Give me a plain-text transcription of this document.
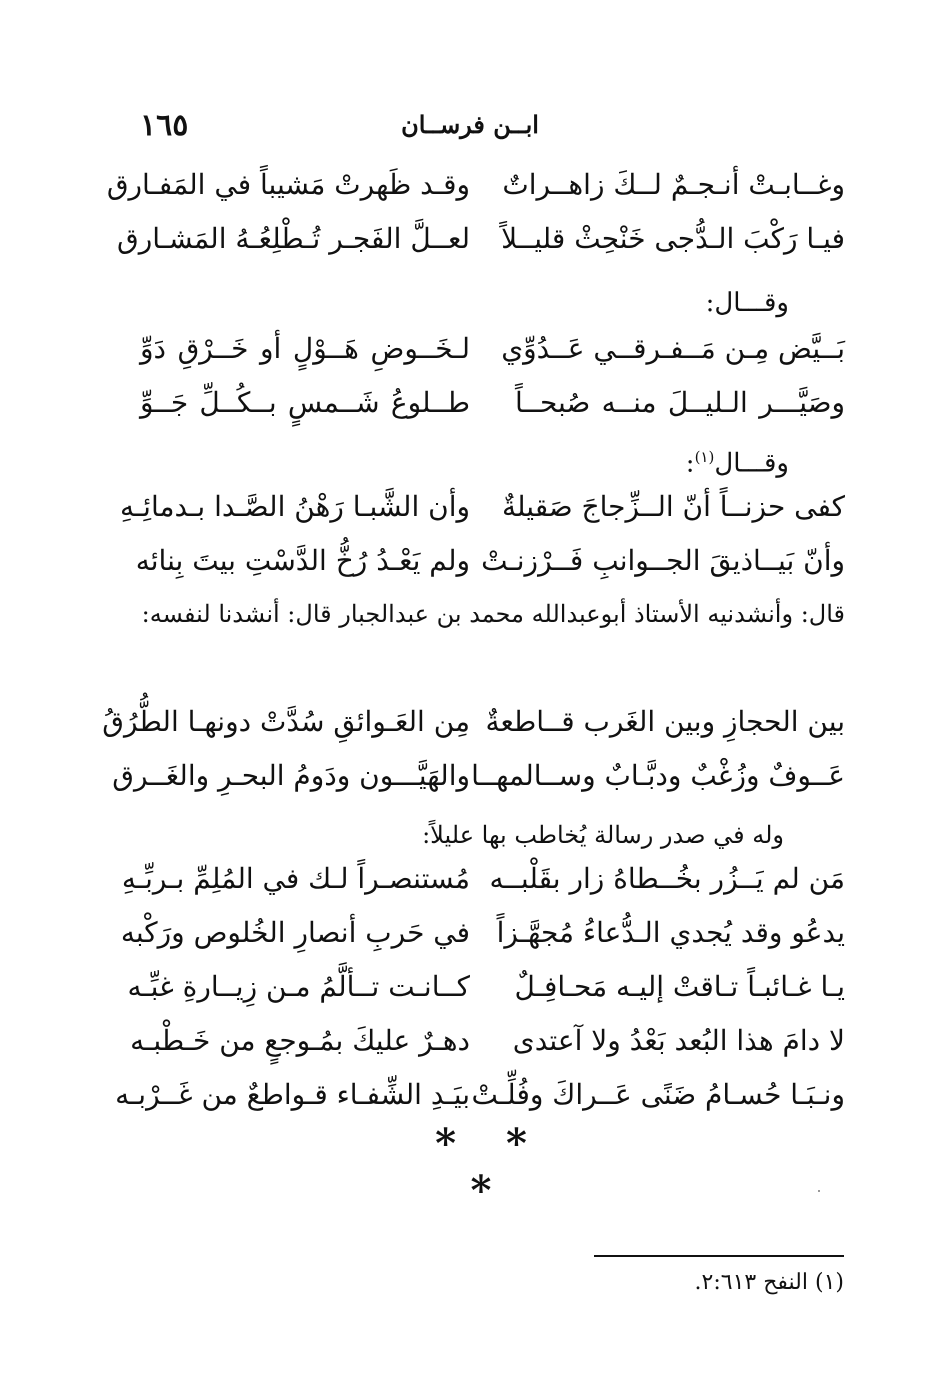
١٦٥	ابــن فرســان
وغــابـتْ أنـجـمٌ لــكَ زاهــراتٌ
وقـد ظَهرتْ مَشيباً في المَفـارق
فيـا رَكْبَ الـدُّجى خَنْحِثْ قليــلاً
لعــلَّ الفَجـر تُـطْلِعُـهُ المَشـارق
وقـــال:
بَــيَّض مِـن مَــفـرقــي عَــدُوِّي
لـخَــوضِ هَــوْلٍ أو خَــرْقِ دَوِّ
وصَيَّـــر الـليــلَ منــه صُبحــاً
طــلوعُ شَــمسٍ بــكُــلِّ جَــوِّ
وقـــال$^{(١)}$:
كفى حزنــاً أنّ الــزِّجاجَ صَقيلةٌ
وأن الشَّبـا رَهْنُ الصَّـدا بـدمائِـهِ
وأنّ بَيــاذيقَ الجــوانبِ فَــرْزنـتْ
ولم يَعْـدُ رُخُّ الدَّسْتِ بيتَ بِنائه
قال: وأنشدنيه الأستاذ أبوعبدالله محمد بن عبدالجبار قال: أنشدنا لنفسه:
بين الحجازِ وبين الغَرب قــاطعةٌ
مِن العَـوائقِ سُدَّتْ دونهـا الطُّرُقُ
عَــوفٌ وزُغْبٌ ودبَّـابٌ وســالمهــا
والهَيَّـــون ودَومُ البحـرِ والغَــرق
وله في صدر رسالة يُخاطب بها عليلاً:
مَن لم يَــزُر بخُــطاهُ زار بقَلْبــه
مُستنصـراً لـك في المُلِمِّ بـربِّـهِ
يدعُو وقد يُجدي الـدُّعاءُ مُجهَّـزاً
في حَربِ أنصارِ الخُلوص ورَكْبه
يـا غـائبـاً تـاقتْ إليـه مَحـافِـلٌ
كــانـت تــألَّمُ مـن زِيــارةِ غبِّـه
لا دامَ هذا البُعد بَعْدُ ولا آعتدى
دهـرٌ عليكَ بمُـوجعٍ من خَـطْبـه
ونـبَـا حُسـامُ ضَنًى عَــراكَ وفُلِّـتْ
بيَـدِ الشِّفـاء قـواطعٌ من غَــرْبـه
* * *
(١) النفح ٢:٦١٣.
